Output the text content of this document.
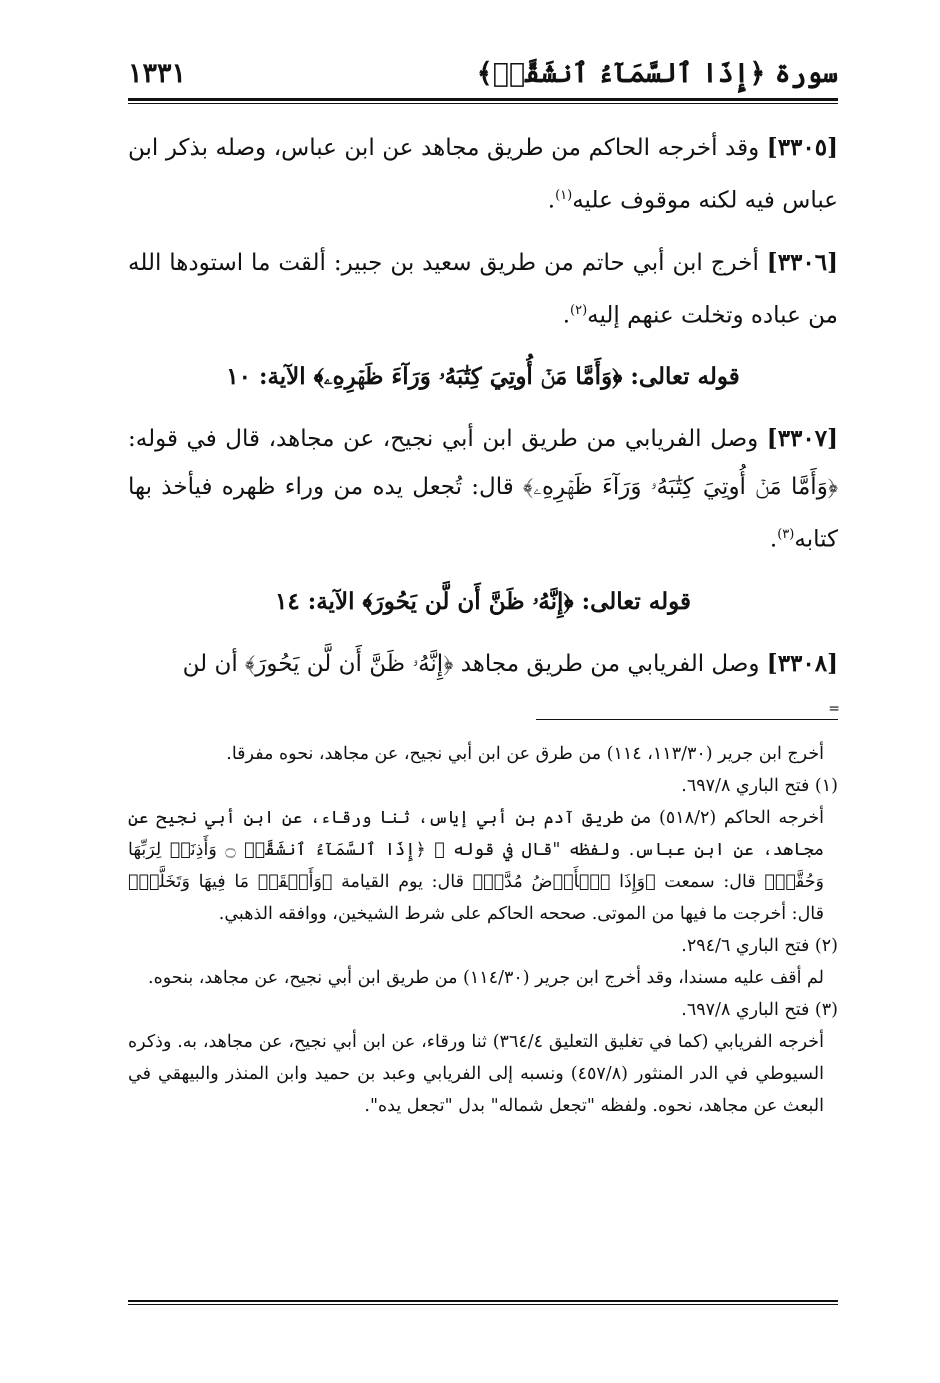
سورة ﴿إِذَا ٱلسَّمَآءُ ٱنشَقَّتۡ﴾
١٣٣١

[٣٣٠٥] وقد أخرجه الحاكم من طريق مجاهد عن ابن عباس، وصله بذكر ابن عباس فيه لكنه موقوف عليه$^{(١)}$.

[٣٣٠٦] أخرج ابن أبي حاتم من طريق سعيد بن جبير: ألقت ما استودها الله من عباده وتخلت عنهم إليه$^{(٢)}$.

قوله تعالى: ﴿وَأَمَّا مَنۡ أُوتِيَ كِتَٰبَهُۥ وَرَآءَ ظَهۡرِهِۦ﴾ الآية: ١٠

[٣٣٠٧] وصل الفريابي من طريق ابن أبي نجيح، عن مجاهد، قال في قوله: ﴿وَأَمَّا مَنۡ أُوتِيَ كِتَٰبَهُۥ وَرَآءَ ظَهۡرِهِۦ﴾ قال: تُجعل يده من وراء ظهره فيأخذ بها كتابه$^{(٣)}$.

قوله تعالى: ﴿إِنَّهُۥ ظَنَّ أَن لَّن يَحُورَ﴾ الآية: ١٤

[٣٣٠٨] وصل الفريابي من طريق مجاهد ﴿إِنَّهُۥ ظَنَّ أَن لَّن يَحُورَ﴾ أن لن

=

أخرج ابن جرير (١١٣/٣٠، ١١٤) من طرق عن ابن أبي نجيح، عن مجاهد، نحوه مفرقا.

(١) فتح الباري ٦٩٧/٨.

أخرجه الحاكم (٥١٨/٢) من طريق آدم بن أبي إياس، ثنا ورقاء، عن ابن أبي نجيح عن مجاهد، عن ابن عباس. ولفظه "قال في قوله ﷻ ﴿إِذَا ٱلسَّمَآءُ ٱنشَقَّتۡ ۝ وَأَذِنَتۡ لِرَبِّهَا وَحُقَّتۡ﴾ قال: سمعت ﴿وَإِذَا ٱلۡأَرۡضُ مُدَّتۡ﴾ قال: يوم القيامة ﴿وَأَلۡقَتۡ مَا فِيهَا وَتَخَلَّتۡ﴾ قال: أخرجت ما فيها من الموتى. صححه الحاكم على شرط الشيخين، ووافقه الذهبي.

(٢) فتح الباري ٢٩٤/٦.

لم أقف عليه مسندا، وقد أخرج ابن جرير (١١٤/٣٠) من طريق ابن أبي نجيح، عن مجاهد، بنحوه.

(٣) فتح الباري ٦٩٧/٨.

أخرجه الفريابي (كما في تغليق التعليق ٣٦٤/٤) ثنا ورقاء، عن ابن أبي نجيح، عن مجاهد، به. وذكره السيوطي في الدر المنثور (٤٥٧/٨) ونسبه إلى الفريابي وعبد بن حميد وابن المنذر والبيهقي في البعث عن مجاهد، نحوه. ولفظه "تجعل شماله" بدل "تجعل يده".
